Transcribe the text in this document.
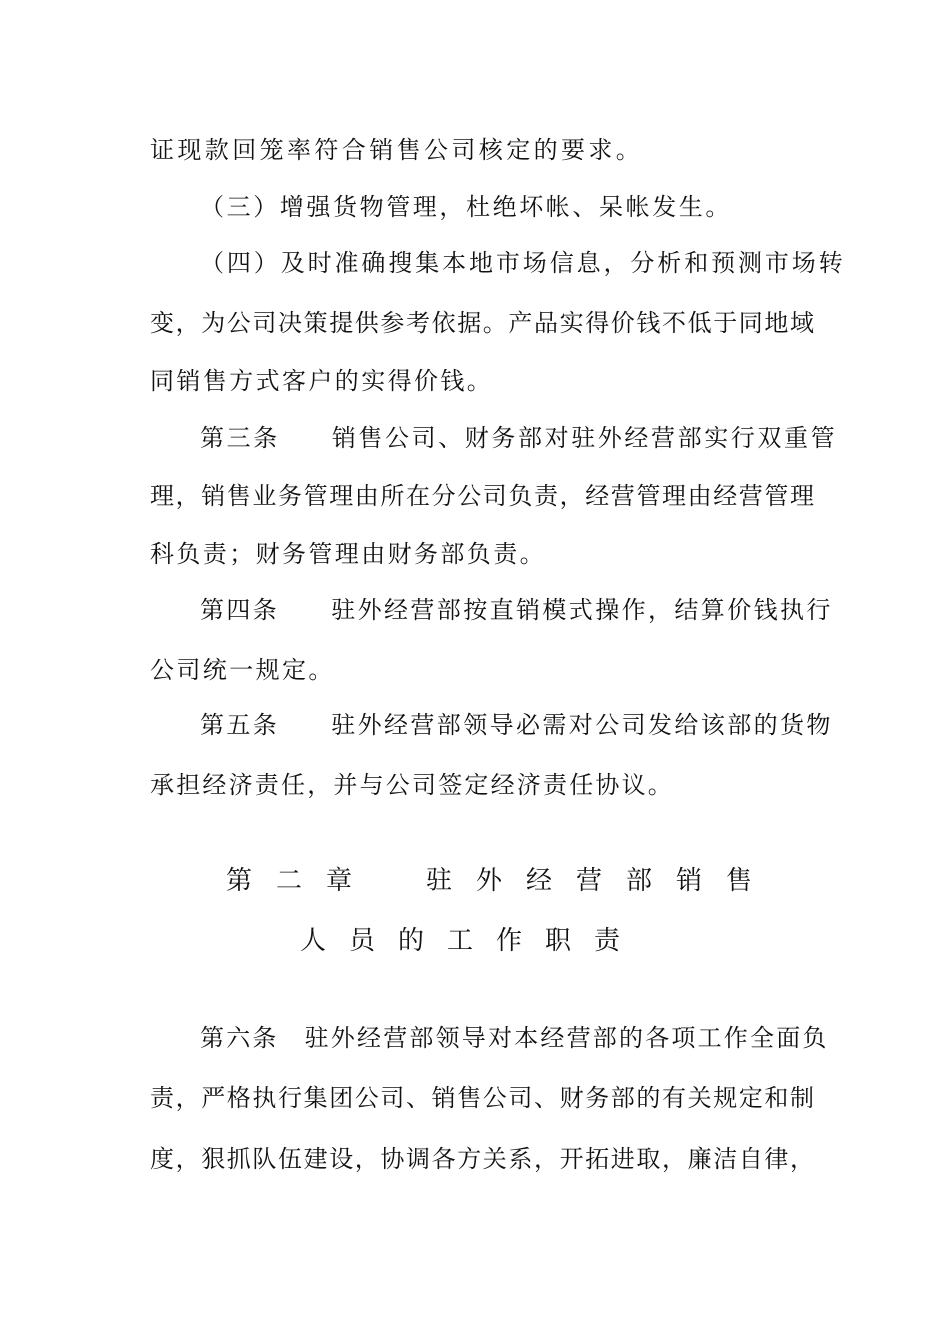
证现款回笼率符合销售公司核定的要求。
（三）增强货物管理，杜绝坏帐、呆帐发生。
（四）及时准确搜集本地市场信息，分析和预测市场转
变，为公司决策提供参考依据。产品实得价钱不低于同地域
同销售方式客户的实得价钱。
第三条 销售公司、财务部对驻外经营部实行双重管
理，销售业务管理由所在分公司负责，经营管理由经营管理
科负责；财务管理由财务部负责。
第四条 驻外经营部按直销模式操作，结算价钱执行
公司统一规定。
第五条 驻外经营部领导必需对公司发给该部的货物
承担经济责任，并与公司签定经济责任协议。
第二章 驻外经营部销售
人员的工作职责
第六条 驻外经营部领导对本经营部的各项工作全面负
责，严格执行集团公司、销售公司、财务部的有关规定和制
度，狠抓队伍建设，协调各方关系，开拓进取，廉洁自律，
